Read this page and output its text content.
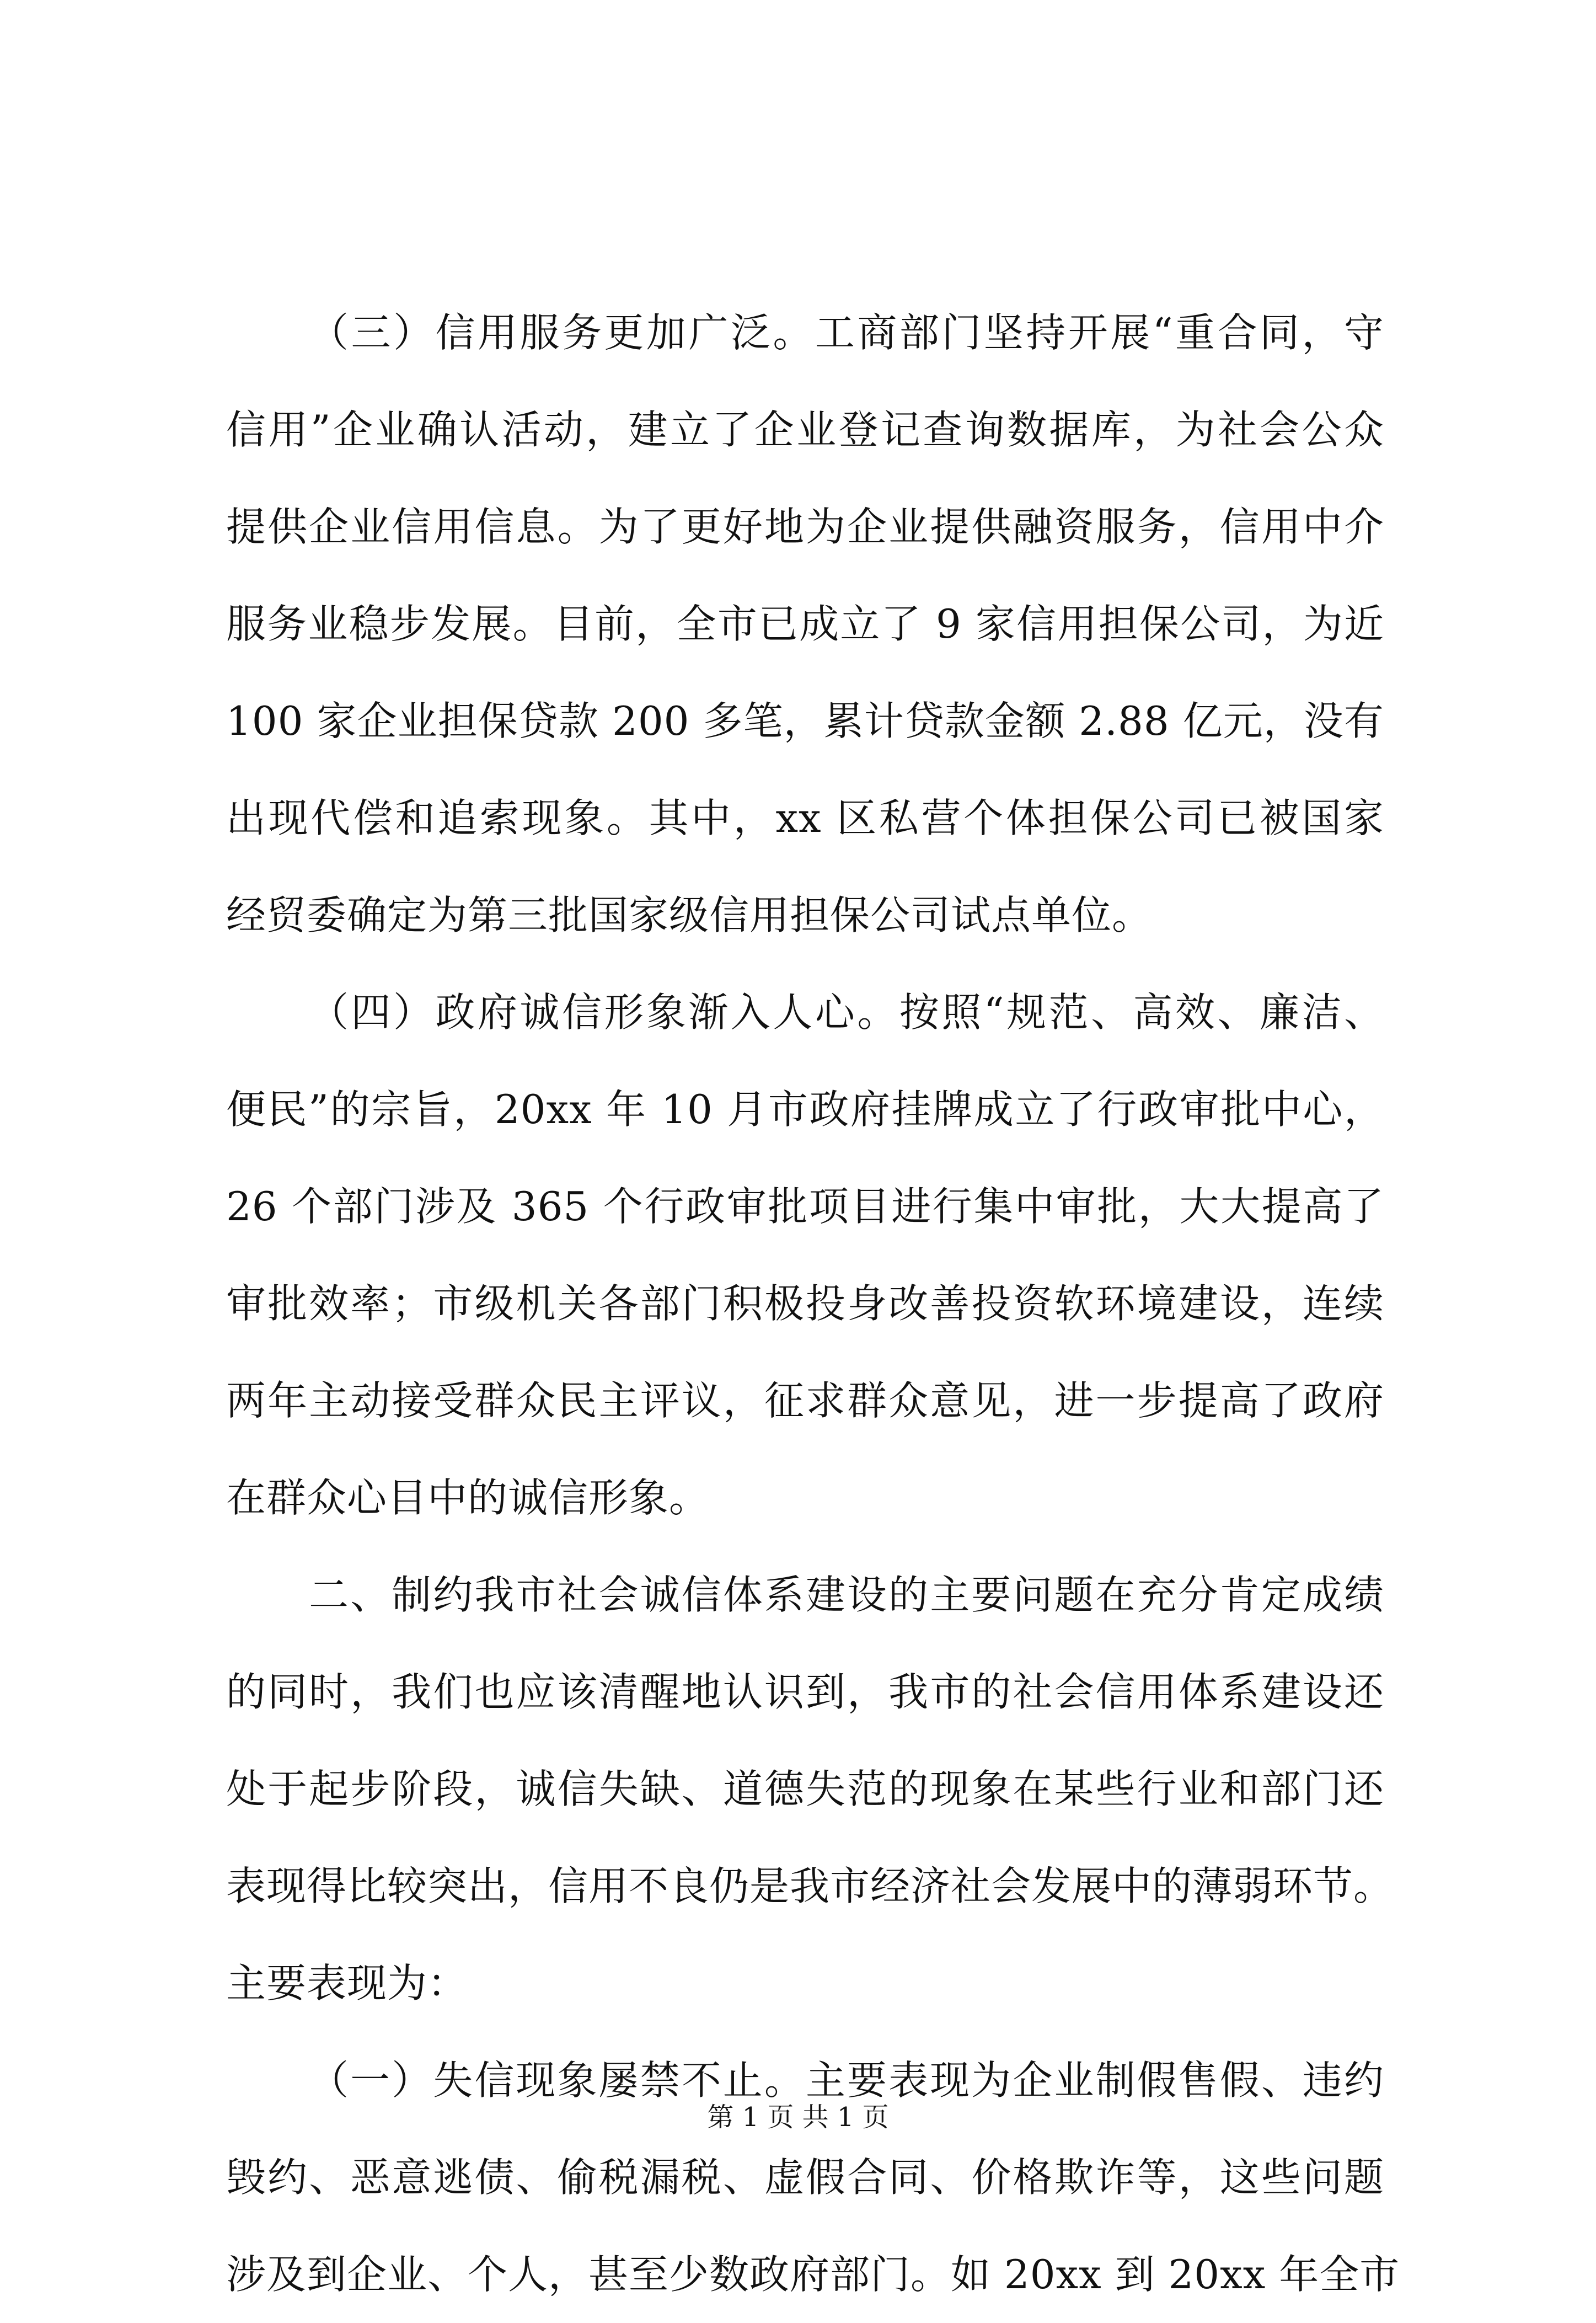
（三）信用服务更加广泛。工商部门坚持开展“重合同，守
信用”企业确认活动，建立了企业登记查询数据库，为社会公众
提供企业信用信息。为了更好地为企业提供融资服务，信用中介
服务业稳步发展。目前，全市已成立了 9 家信用担保公司，为近
100 家企业担保贷款 200 多笔，累计贷款金额 2.88 亿元，没有
出现代偿和追索现象。其中，xx 区私营个体担保公司已被国家
经贸委确定为第三批国家级信用担保公司试点单位。
（四）政府诚信形象渐入人心。按照“规范、高效、廉洁、
便民”的宗旨，20xx 年 10 月市政府挂牌成立了行政审批中心，
26 个部门涉及 365 个行政审批项目进行集中审批，大大提高了
审批效率；市级机关各部门积极投身改善投资软环境建设，连续
两年主动接受群众民主评议，征求群众意见，进一步提高了政府
在群众心目中的诚信形象。
二、制约我市社会诚信体系建设的主要问题在充分肯定成绩
的同时，我们也应该清醒地认识到，我市的社会信用体系建设还
处于起步阶段，诚信失缺、道德失范的现象在某些行业和部门还
表现得比较突出，信用不良仍是我市经济社会发展中的薄弱环节。
主要表现为：
（一）失信现象屡禁不止。主要表现为企业制假售假、违约
毁约、恶意逃债、偷税漏税、虚假合同、价格欺诈等，这些问题
涉及到企业、个人，甚至少数政府部门。如 20xx 到 20xx 年全市
第 1 页 共 1 页
